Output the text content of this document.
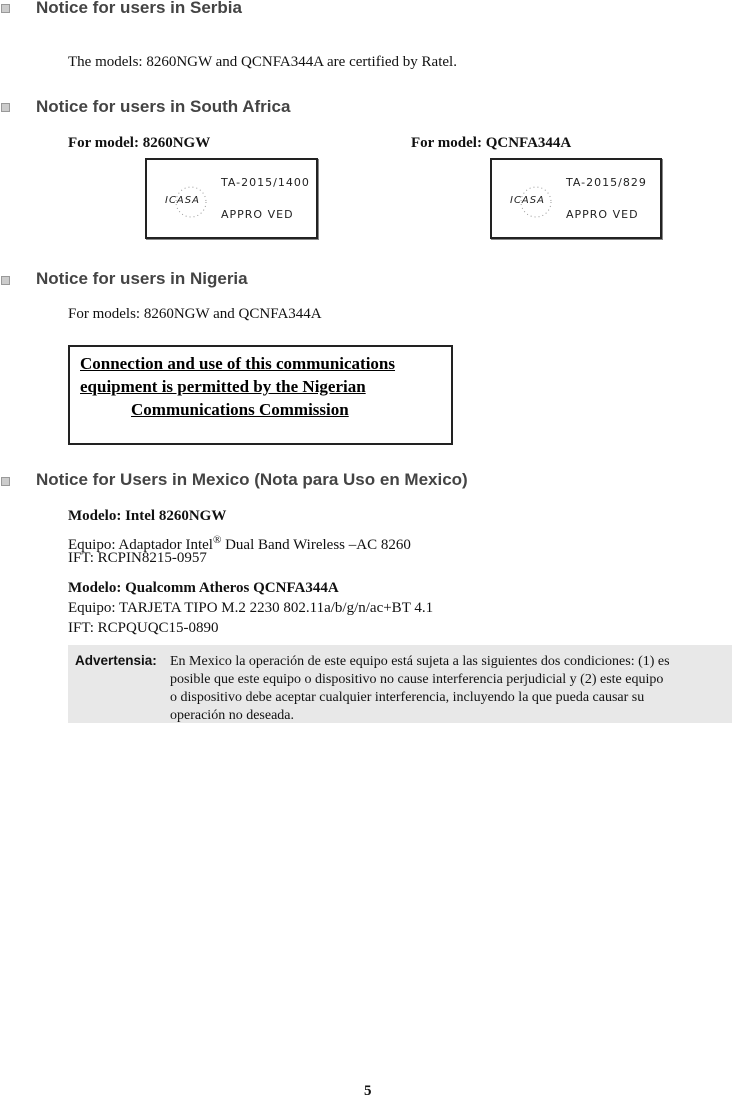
Notice for users in Serbia
The models: 8260NGW and QCNFA344A are certified by Ratel.
Notice for users in South Africa
For model: 8260NGW	For model: QCNFA344A
ICASA
TA-2015/1400
APPRO VED
ICASA
TA-2015/829
APPRO VED
Notice for users in Nigeria
For models: 8260NGW and QCNFA344A
Connection and use of this communications
equipment is permitted by the Nigerian
Communications Commission
Notice for Users in Mexico (Nota para Uso en Mexico)
Modelo: Intel 8260NGW
Equipo: Adaptador Intel® Dual Band Wireless –AC 8260
IFT: RCPIN8215-0957
Modelo: Qualcomm Atheros QCNFA344A
Equipo: TARJETA TIPO M.2 2230 802.11a/b/g/n/ac+BT 4.1
IFT: RCPQUQC15-0890
Advertensia: En Mexico la operación de este equipo está sujeta a las siguientes dos condiciones: (1) es
posible que este equipo o dispositivo no cause interferencia perjudicial y (2) este equipo
o dispositivo debe aceptar cualquier interferencia, incluyendo la que pueda causar su
operación no deseada.
5
